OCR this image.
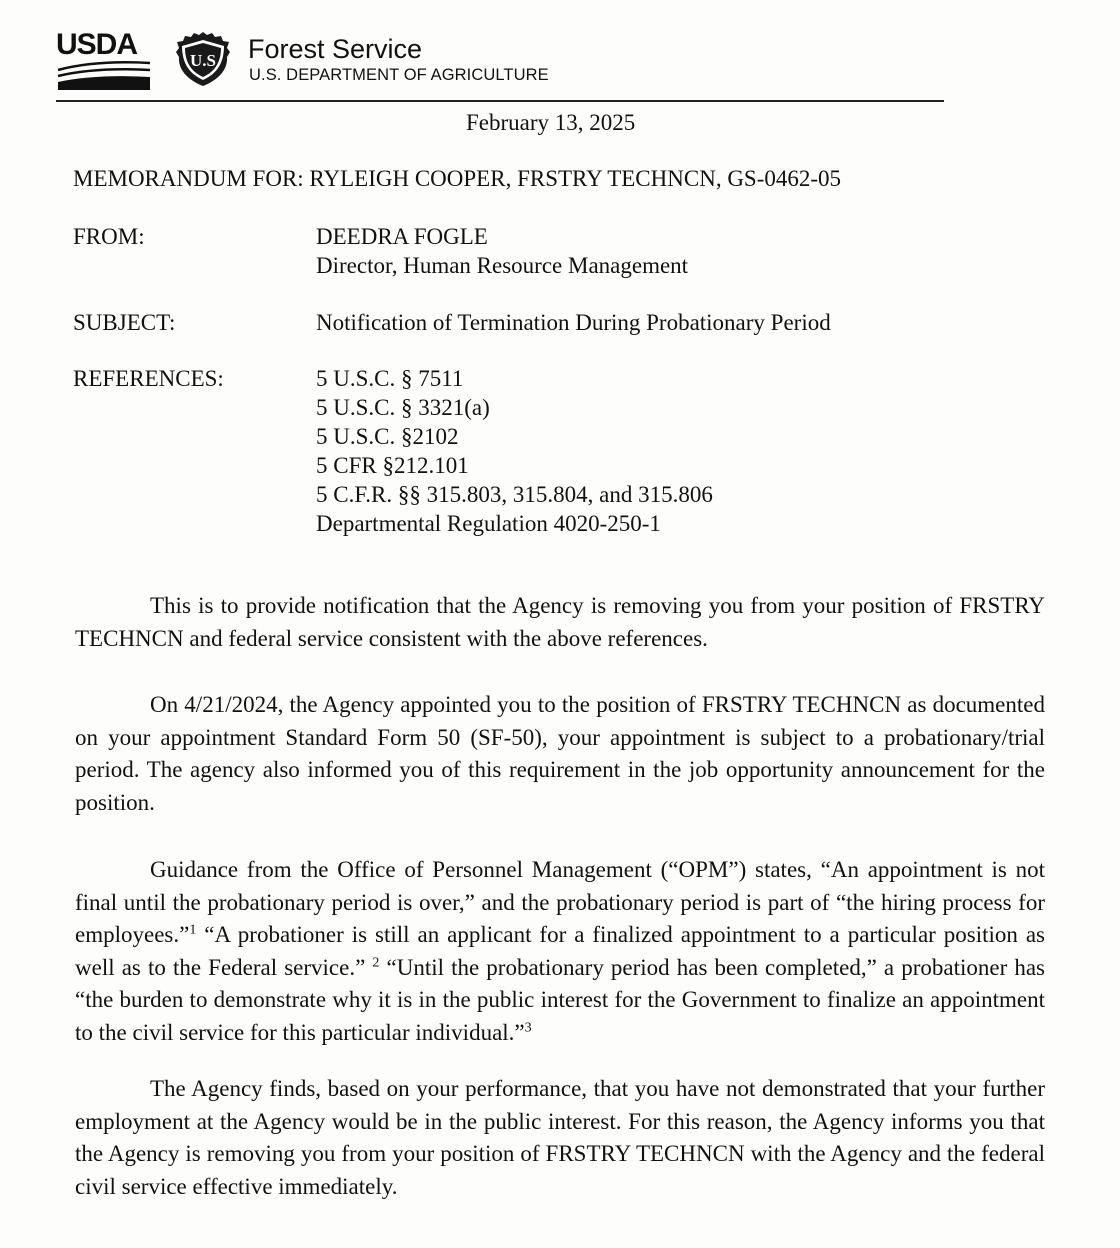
USDA	U.S Forest Service
U.S. DEPARTMENT OF AGRICULTURE
February 13, 2025
MEMORANDUM FOR: RYLEIGH COOPER, FRSTRY TECHNCN, GS-0462-05
FROM:	DEEDRA FOGLE
Director, Human Resource Management
SUBJECT:	Notification of Termination During Probationary Period
REFERENCES:	5 U.S.C. § 7511
5 U.S.C. § 3321(a)
5 U.S.C. §2102
5 CFR §212.101
5 C.F.R. §§ 315.803, 315.804, and 315.806
Departmental Regulation 4020-250-1
This is to provide notification that the Agency is removing you from your position of FRSTRY TECHNCN and federal service consistent with the above references.
On 4/21/2024, the Agency appointed you to the position of FRSTRY TECHNCN as documented on your appointment Standard Form 50 (SF-50), your appointment is subject to a probationary/trial period. The agency also informed you of this requirement in the job opportunity announcement for the position.
Guidance from the Office of Personnel Management (“OPM”) states, “An appointment is not final until the probationary period is over,” and the probationary period is part of “the hiring process for employees.”$^1$ “A probationer is still an applicant for a finalized appointment to a particular position as well as to the Federal service.” $^2$ “Until the probationary period has been completed,” a probationer has “the burden to demonstrate why it is in the public interest for the Government to finalize an appointment to the civil service for this particular individual.”$^3$
The Agency finds, based on your performance, that you have not demonstrated that your further employment at the Agency would be in the public interest. For this reason, the Agency informs you that the Agency is removing you from your position of FRSTRY TECHNCN with the Agency and the federal civil service effective immediately.
